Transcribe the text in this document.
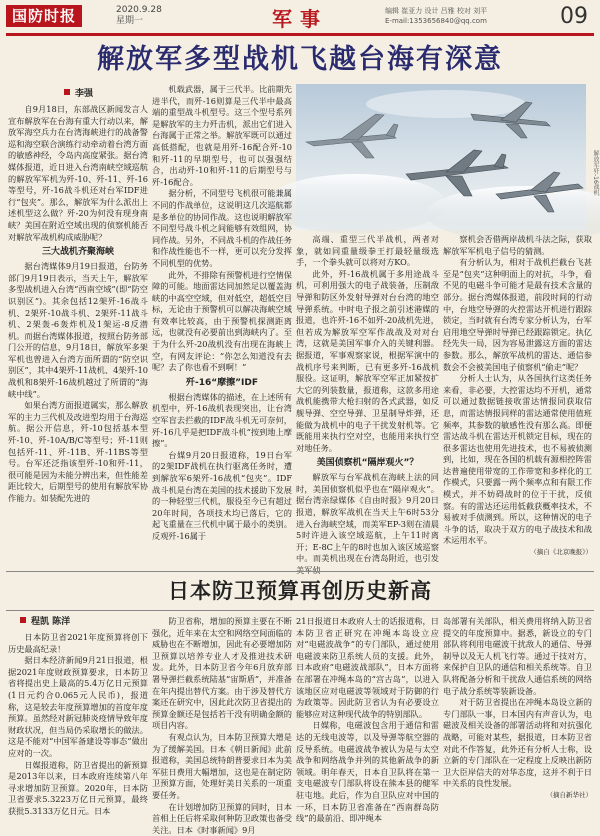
国防时报	2020.9.28
星期一	军事	编辑 崔亚力 设计 吕雅 校对 刘平
E-mail:1353656840@qq.com	09
解放军多型战机飞越台海有深意
李强
解放军歼-16战机

自9月18日，东部战区新闻发言人宣布解放军在台海有重大行动以来，解放军海空兵力在台湾海峡进行的战备警巡和海空联合演练行动牵动着台湾方面的敏感神经，令岛内高度紧张。据台湾媒体报道，近日进入台湾南峡空域巡航的解放军军机为歼-10、歼-11、歼-16等型号，歼-16战斗机还对台军IDF进行“包夹”。那么，解放军为什么派出上述机型这么做？歼-20为何没有现身南峡？美国在附近空域出现的侦察机能否对解放军战机构成威胁呢？

三大战机齐聚海峡

据台湾媒体9月19日报道，台防务部门9月19日表示，当天上午，解放军多型战机进入台湾“西南空域”(即“防空识别区”)。其余包括12架歼-16战斗机、2架歼-10战斗机、2架歼-11战斗机、2架轰-6轰炸机及1架运-8反潜机。而据台湾媒体报道，按照台防务部门公开的信息，9月18日，解放军多架军机也曾进入台湾方面所谓的“防空识别区”，其中4架歼-11战机、4架歼-10战机和8架歼-16战机越过了所谓的“海峡中线”。

如果台湾方面报道属实，那么解放军的主力三代机及改进型均用于台海巡航。据公开信息，歼-10包括基本型歼-10、歼-10A/B/C等型号；歼-11则包括歼-11、歼-11B、歼-11BS等型号。台军还泛指该型歼-10和歼-11，很可能是因为未能分辨出来，但性能差距比较大，后期型号的使用有解放军协作能力。如装配先进的

机载武器，属于三代半。比前期先进半代，而歼-16则算是三代半中最高端的重型战斗机型号。这三个型号系列是解放军的主力歼击机，派出它们进入台海属于正常之举。解放军既可以通过高低搭配，也就是用歼-16配合歼-10和歼-11的早期型号，也可以强强结合，出动歼-10和歼-11的后期型号与歼-16配合。

据分析，不同型号飞机很可能兼属不同的作战单位，这说明这几次巡航都是多单位的协同作战。这也说明解放军不同型号战斗机之间能够有效组网，协同作战。另外，不同战斗机的作战任务和作战性能也不一样，更可以充分发挥不同机型的优势。

此外，不排除有预警机进行空情保障的可能。地面雷达同加然足以覆盖海峡的中高空空域，但对低空，超低空目标，无论由于预警机可以解决海峡空域有效率比较高，由于预警机探测距离远，也就没有必要前出到海峡内了。至于为什么歼-20战机没有出现在海峡上空，有网友评论：“你怎么知道没有去呢？去了你也看不到啊！”

歼-16“摩擦”IDF

根据台湾媒体的描述，在上述所有机型中，歼-16战机表现突出，让台湾空军盲去拦截的IDF战斗机无可奈何，歼-16几乎是把IDF战斗机“按到地上摩擦”。

台媒9月20日报道称，19日台军的2架IDF战机在执行驱离任务时，遭到解放军6架歼-16战机“包夹”。IDF战斗机是台湾在美国的技术援助下发展的一种轻型三代机，服役至今已有超过20年时间，各项技术均已落后，它的起飞重量在三代机中属于最小的类别。反观歼-16属于

高端、重型三代半战机，两者对象，就如同重量级拳王打最轻量级选手，一个拳头就可以将对方KO。

此外，歼-16战机属于多用途战斗机，可利用强大的电子战装备，压制敌导弹和防区外发射导弹对台台湾的地空导弹系统。中时电子报之前引述港媒的报道，也许歼-16不如歼-20战机先进，但若成为解放军空军作战战及对对台湾，这就是美国军事介入的关键利器。据报道，军事观察家说，根据军演中的战机序号来判断，已有更多歼-16战机服役。这证明，解放军空军正加紧按扩大它的列装数量，报道称，这款多用途战机能携带大枪扫射的各式武器，如反舰导弹、空空导弹、卫星制导炸弹，还能做为战机中的电子干扰发射机等。它既能用来执行空对空，也能用来执行空对地任务。

美国侦察机“隔岸观火”？

解放军与台军战机在海峡上法的同时，美国侦察机似乎也在“隔岸观火”。据台湾亲绿媒体《自由时报》9月20日报道，解放军战机在当天上午6时53分进入台海峡空域，而美军EP-3则在清晨5时许进入该空域巡航，上午11时离开；E-8C上午的8时也加入该区域巡察中。而美机出现在台湾岛附近，也引发

察机会否借两岸战机斗法之际，获取解放军军机电子信号的猜测。

有分析认为，相对于战机拦截台飞甚至是“包夹”这种明面上的对抗，斗争，看不见的电磁斗争可能才是最有技术含量的部分。据台湾媒体报道，前段时间的行动中，台地空导弹的火控雷达开机进行跟踪锁定，当时就有台湾专家分析认为，台军启用地空导弹时导弹已经跟踪锁定。执亿经先失一局，因为容易泄露这方面的雷达参数。那么，解放军战机的雷达、通信参数会不会被美国电子侦察机“偷走”呢？

分析人士认为，从各国执行这类任务来看，非必要，大控雷达均不开机，通常可以通过数据链接收雷达情报同获取信息，而雷达情报同样的雷达通常使用值班频率，其参数的敏感性没有那么高。即便雷达战斗机在雷达开机锁定目标，现在的很多雷达也使用先进技术，也不易被侦测到，比如，现在各国的机载有源相控阵雷达普遍使用带宽的工作带宽和多样化的工作模式，只要露一两个频率点和有限工作模式，并不妨碍战时的位于干扰，反侦察。有的雷达还运用低截获概率技术，不易被对手侦测到。所以，这种情况的电子斗争的话，取决于双方的电子战技术和战术运用水平。

（摘自《北京晚报》）
日本防卫预算再创历史新高
程凯 陈洋

日本防卫省2021年度预算将创下历史最高纪录！

据日本经济新闻9月21日报道，根据2021年度财政预算要求，日本防卫省将提出史上最高的5.4万亿日元预算(1日元约合0.065元人民币)，报道称，这是较去年度预算增加的首度年度预算。虽然经对新冠肺炎疫情导致年度财政状况，但当局仍采取增长的做法。这是不能对“中国军备建设等事态”做出应对的一次。

日媒报道称，防卫省提出的新预算是2013年以来，日本政府连续第八年寻求增加防卫预算。2020年，日本防卫省要求5.3223万亿日元预算，最终获批5.3133万亿日元。日本

防卫省称，增加的预算主要在不断强化，近年来在太空和网络空间面临的威胁也在不断增加，因此有必要增加防卫预算以培养专业人才及推进技术研发。此外，日本防卫省今年6月放弃部署导弹拦截系统陆基“宙斯盾”，并准备在年内提出替代方案。由于涉及替代方案还在研究中，因此此次防卫省提出的预算金额还是包括若干没有明确金额的项目内容。

有观点认为，日本防卫预算大增是为了缓解美国。日本《朝日新闻》此前报道称，美国总统特朗普要求日本为美军驻日费用大幅增加，这也是在制定防卫预算方面，处理好美日关系的一项重要任务。

在计划增加防卫预算的同时，日本首相上任后将采取何种防卫政策也备受关注。日本《时事新闻》9月

21日报道日本政府人士的话报道称，日本防卫省正研究在冲绳本岛设立应对“电磁波战争”的专门部队，通过使用电磁波来防卫系统人员的支援。此外，日本政府“电磁波战部队”，日本方面将在部署在冲绳本岛的“宫古岛”，以进入该地区应对电磁波等领域对于防御的行为政策等。因此防卫省认为有必要设立能够应对这种现代战争的特别部队。

日媒称，电磁波包含用于通信和雷达的无线电波等，以及导弹等航空器的反导系统。电磁波战争被认为是与太空战争和网络战争并列的其他新战争的新领域。明年春天，日本自卫队将在第一支电磁波专门部队将设在熊本县的健军驻屯地。此后，作为自卫队应对中国的一环，日本防卫省准备在“西南群岛防线”的最前沿、即冲绳本

岛部署有关部队，相关费用将纳入防卫省提交的年度预算中。据悉，新设立的专门部队将利用电磁波干扰敌人的通信、导弹制导以及无人机飞行等。通过于技对方，来保护自卫队的通信和相关系统等。自卫队将配备分析和干扰敌人通信系统的网络电子战分系统等装新设备。

对于防卫省提出在冲绳本岛设立新的专门部队一事，日本国内有声音认为，电磁波及相关设备的部署活动将和对抗强化战略，可能对某些，据报道，日本防卫省对此不作答复，此外还有分析人士称，设立新的专门部队在一定程度上反映出新防卫大臣岸信夫的对华态度，这并不利于日中关系的良性发展。

（摘自新华社）
